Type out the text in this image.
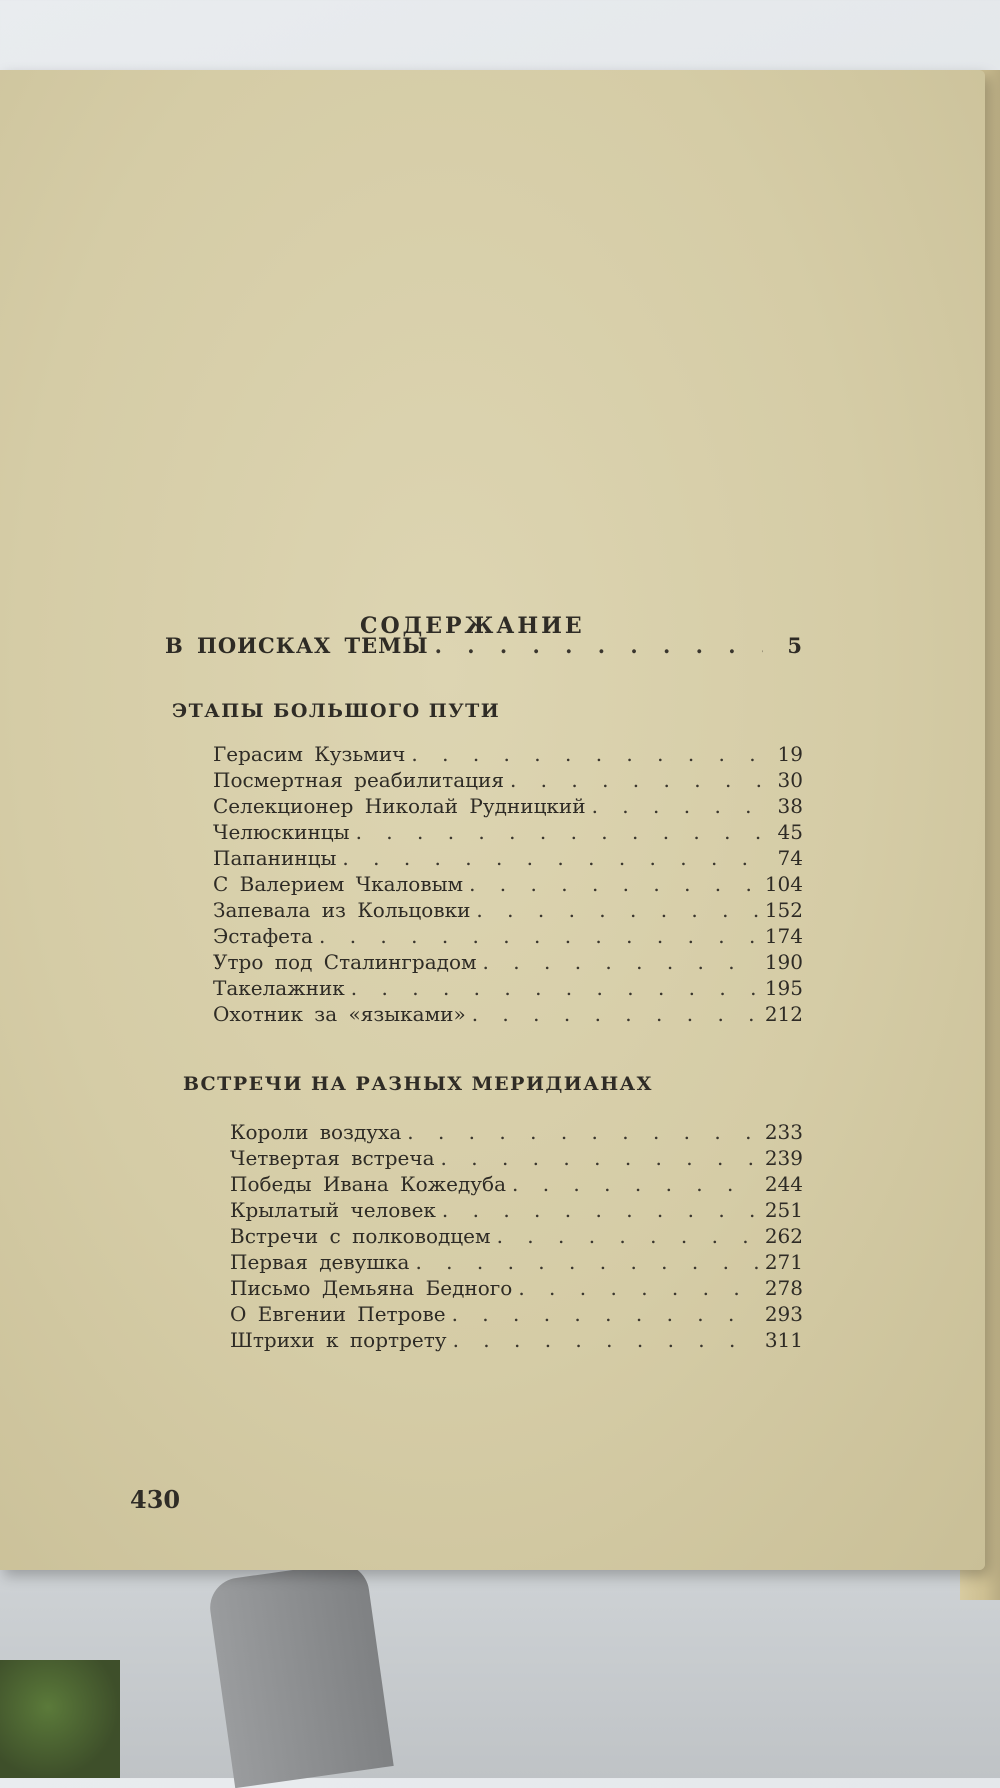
СОДЕРЖАНИЕ
В ПОИСКАХ ТЕМЫ . . .	5
ЭТАПЫ БОЛЬШОГО ПУТИ
Герасим Кузьмич . . .	19
Посмертная реабилитация . . .	30
Селекционер Николай Рудницкий . . .	38
Челюскинцы . . .	45
Папанинцы . . .	74
С Валерием Чкаловым . . .	104
Запевала из Кольцовки . . .	152
Эстафета . . .	174
Утро под Сталинградом . . .	190
Такелажник . . .	195
Охотник за «языками» . . .	212
ВСТРЕЧИ НА РАЗНЫХ МЕРИДИАНАХ
Короли воздуха . . .	233
Четвертая встреча . . .	239
Победы Ивана Кожедуба . . .	244
Крылатый человек . . .	251
Встречи с полководцем . . .	262
Первая девушка . . .	271
Письмо Демьяна Бедного . . .	278
О Евгении Петрове . . .	293
Штрихи к портрету . . .	311
430
